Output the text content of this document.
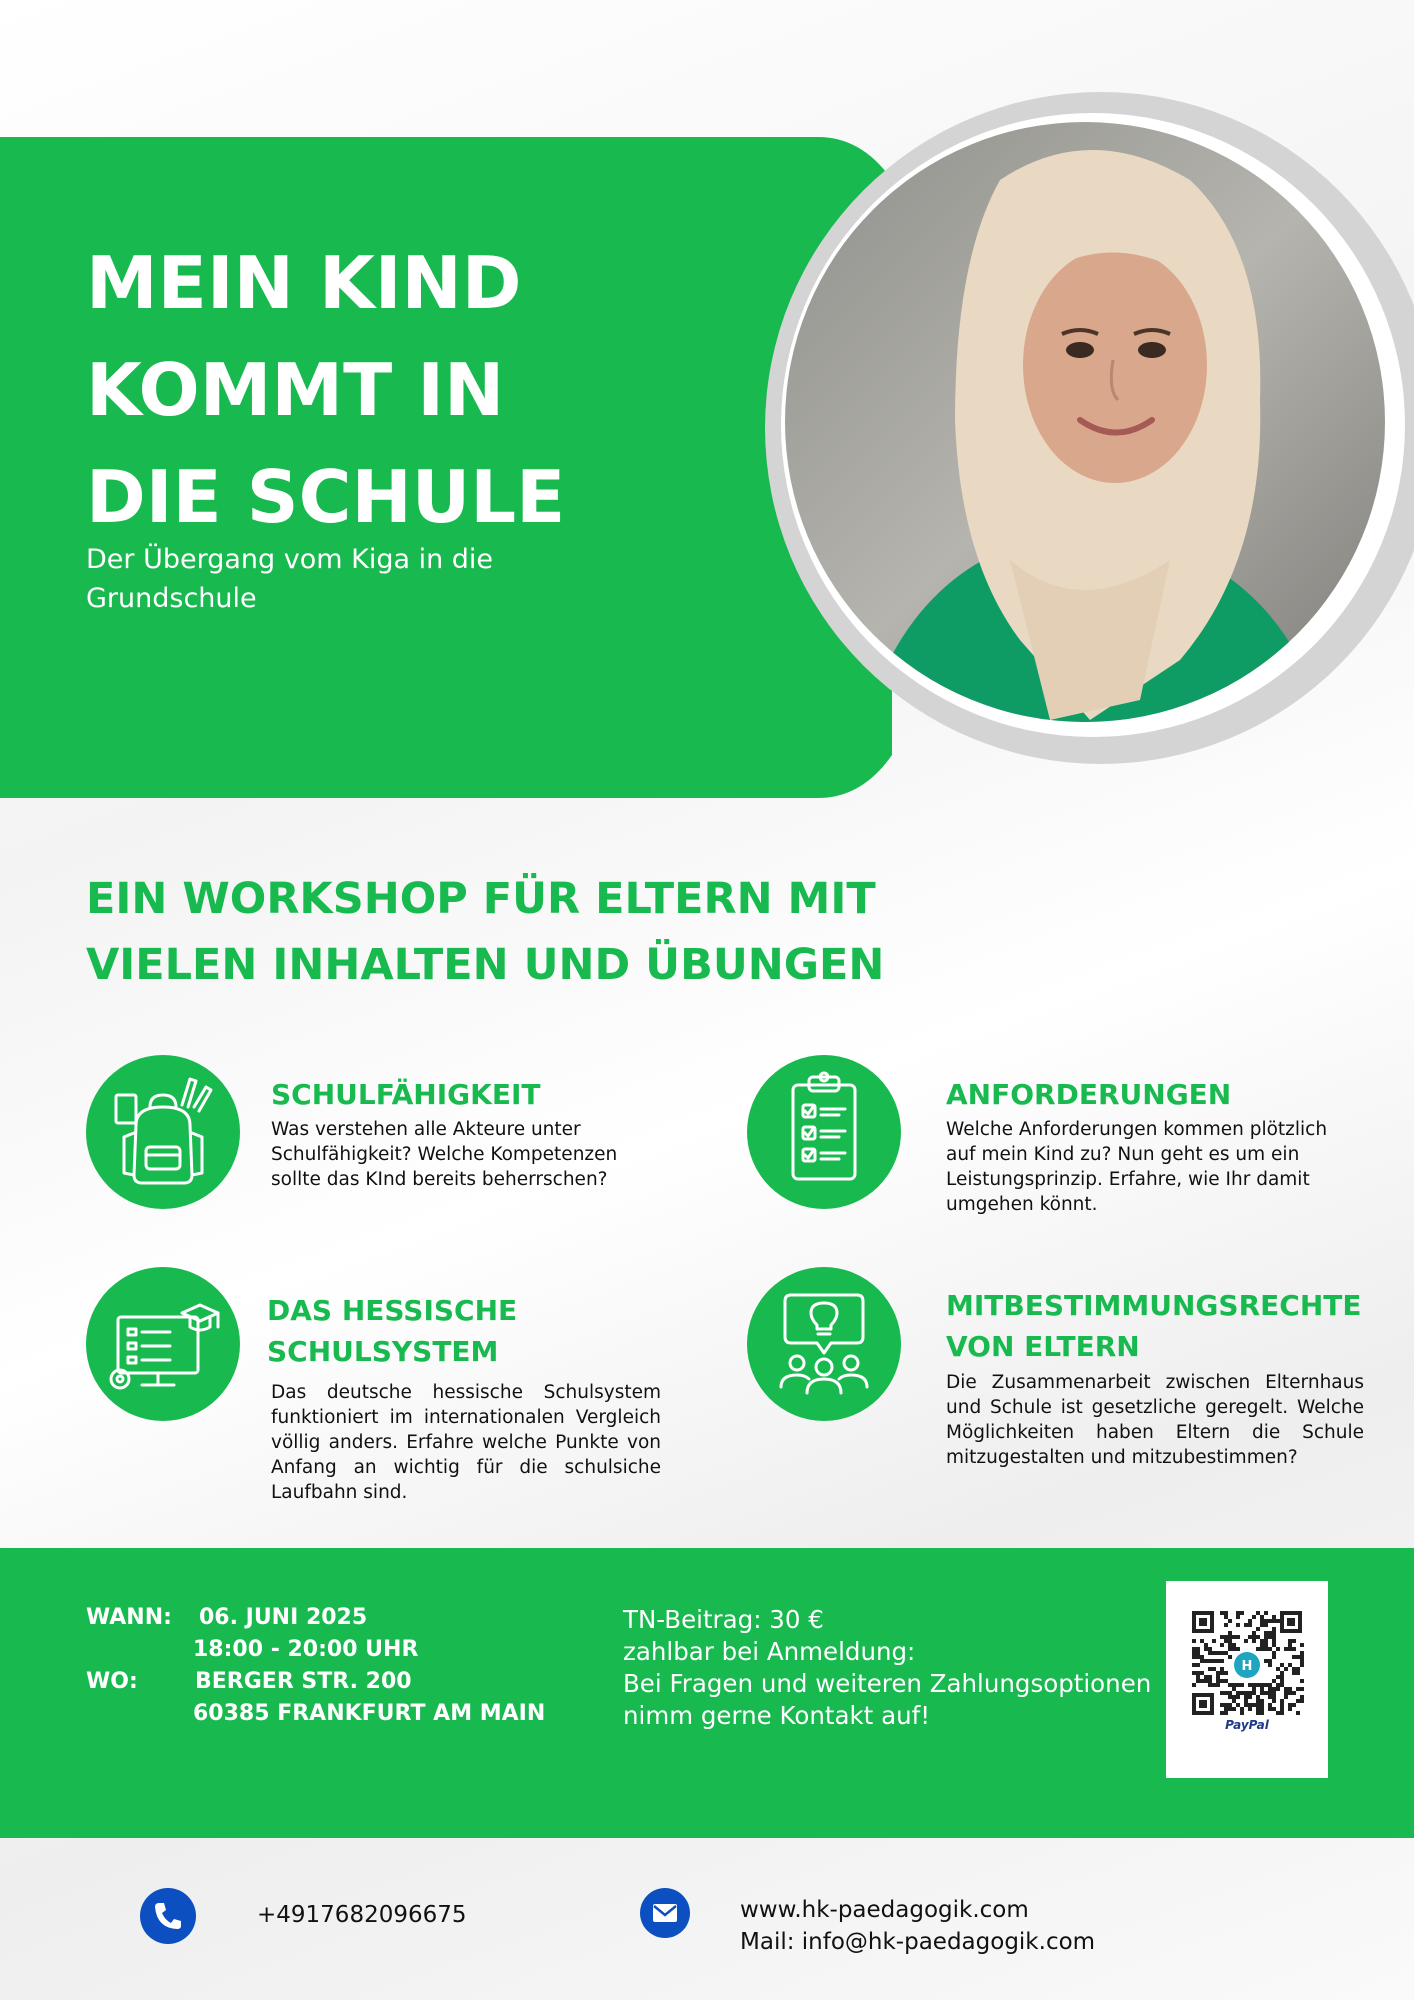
MEIN KIND
KOMMT IN
DIE SCHULE
Der Übergang vom Kiga in die
Grundschule
EIN WORKSHOP FÜR ELTERN MIT
VIELEN INHALTEN UND ÜBUNGEN
SCHULFÄHIGKEIT
Was verstehen alle Akteure unter Schulfähigkeit? Welche Kompetenzen sollte das KInd bereits beherrschen?
ANFORDERUNGEN
Welche Anforderungen kommen plötzlich auf mein Kind zu? Nun geht es um ein Leistungsprinzip. Erfahre, wie Ihr damit umgehen könnt.
DAS HESSISCHE
SCHULSYSTEM
Das deutsche hessische Schulsystem funktioniert im internationalen Vergleich völlig anders. Erfahre welche Punkte von Anfang an wichtig für die schulsiche Laufbahn sind.
MITBESTIMMUNGSRECHTE
VON ELTERN
Die Zusammenarbeit zwischen Elternhaus und Schule ist gesetzliche geregelt. Welche Möglichkeiten haben Eltern die Schule mitzugestalten und mitzubestimmen?
WANN: 06. JUNI 2025
18:00 - 20:00 UHR
WO:	BERGER STR. 200
60385 FRANKFURT AM MAIN
TN-Beitrag: 30 €
zahlbar bei Anmeldung:
Bei Fragen und weiteren Zahlungsoptionen
nimm gerne Kontakt auf!
H
PayPal
+4917682096675	www.hk-paedagogik.com
Mail: info@hk-paedagogik.com
